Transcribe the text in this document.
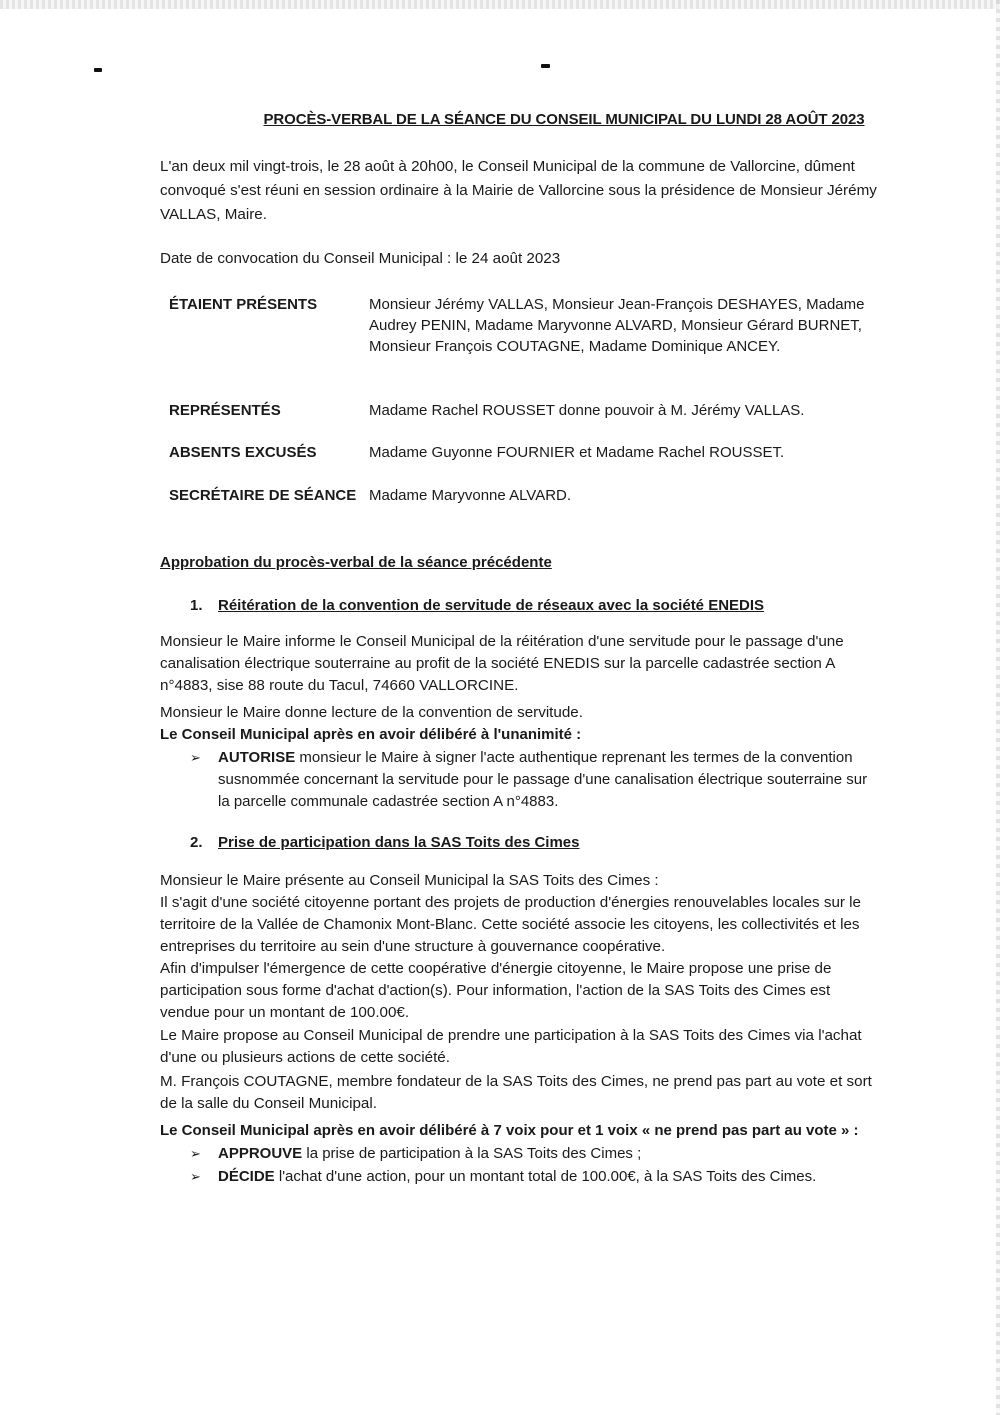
PROCÈS-VERBAL DE LA SÉANCE DU CONSEIL MUNICIPAL DU LUNDI 28 AOÛT 2023

L'an deux mil vingt-trois, le 28 août à 20h00, le Conseil Municipal de la commune de Vallorcine, dûment convoqué s'est réuni en session ordinaire à la Mairie de Vallorcine sous la présidence de Monsieur Jérémy VALLAS, Maire.

Date de convocation du Conseil Municipal : le 24 août 2023

ÉTAIENT PRÉSENTS	Monsieur Jérémy VALLAS, Monsieur Jean-François DESHAYES, Madame Audrey PENIN, Madame Maryvonne ALVARD, Monsieur Gérard BURNET, Monsieur François COUTAGNE, Madame Dominique ANCEY.
REPRÉSENTÉS	Madame Rachel ROUSSET donne pouvoir à M. Jérémy VALLAS.
ABSENTS EXCUSÉS	Madame Guyonne FOURNIER et Madame Rachel ROUSSET.
SECRÉTAIRE DE SÉANCE Madame Maryvonne ALVARD.
Approbation du procès-verbal de la séance précédente
1. Réitération de la convention de servitude de réseaux avec la société ENEDIS

Monsieur le Maire informe le Conseil Municipal de la réitération d'une servitude pour le passage d'une canalisation électrique souterraine au profit de la société ENEDIS sur la parcelle cadastrée section A n°4883, sise 88 route du Tacul, 74660 VALLORCINE.

Monsieur le Maire donne lecture de la convention de servitude.

Le Conseil Municipal après en avoir délibéré à l'unanimité :
➢	AUTORISE monsieur le Maire à signer l'acte authentique reprenant les termes de la convention susnommée concernant la servitude pour le passage d'une canalisation électrique souterraine sur la parcelle communale cadastrée section A n°4883.
2. Prise de participation dans la SAS Toits des Cimes

Monsieur le Maire présente au Conseil Municipal la SAS Toits des Cimes :

Il s'agit d'une société citoyenne portant des projets de production d'énergies renouvelables locales sur le territoire de la Vallée de Chamonix Mont-Blanc. Cette société associe les citoyens, les collectivités et les entreprises du territoire au sein d'une structure à gouvernance coopérative.

Afin d'impulser l'émergence de cette coopérative d'énergie citoyenne, le Maire propose une prise de participation sous forme d'achat d'action(s). Pour information, l'action de la SAS Toits des Cimes est vendue pour un montant de 100.00€.

Le Maire propose au Conseil Municipal de prendre une participation à la SAS Toits des Cimes via l'achat d'une ou plusieurs actions de cette société.

M. François COUTAGNE, membre fondateur de la SAS Toits des Cimes, ne prend pas part au vote et sort de la salle du Conseil Municipal.

Le Conseil Municipal après en avoir délibéré à 7 voix pour et 1 voix « ne prend pas part au vote » :
➢	APPROUVE la prise de participation à la SAS Toits des Cimes ;
➢	DÉCIDE l'achat d'une action, pour un montant total de 100.00€, à la SAS Toits des Cimes.
